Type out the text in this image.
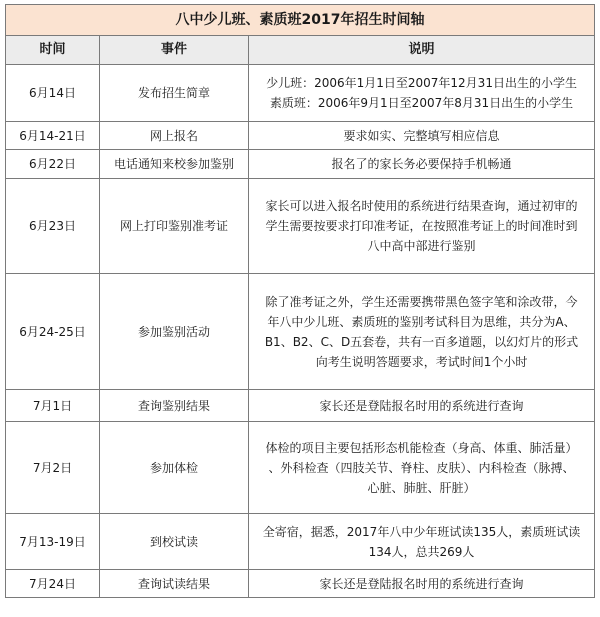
八中少儿班、素质班2017年招生时间轴		
时间	事件	说明
6月14日	发布招生简章	少儿班：2006年1月1日至2007年12月31日出生的小学生
素质班：2006年9月1日至2007年8月31日出生的小学生

6月14-21日	网上报名	要求如实、完整填写相应信息

6月22日	电话通知来校参加鉴别	报名了的家长务必要保持手机畅通

6月23日	网上打印鉴别准考证	家长可以进入报名时使用的系统进行结果查询，通过初审的
学生需要按要求打印准考证，在按照准考证上的时间准时到
八中高中部进行鉴别

6月24-25日	参加鉴别活动	除了准考证之外，学生还需要携带黑色签字笔和涂改带，今
年八中少儿班、素质班的鉴别考试科目为思维，共分为A、
B1、B2、C、D五套卷，共有一百多道题，以幻灯片的形式
向考生说明答题要求，考试时间1个小时

7月1日	查询鉴别结果	家长还是登陆报名时用的系统进行查询

7月2日	参加体检	体检的项目主要包括形态机能检查（身高、体重、肺活量）
、外科检查（四肢关节、脊柱、皮肤）、内科检查（脉搏、
心脏、肺脏、肝脏）

7月13-19日	到校试读	全寄宿，据悉，2017年八中少年班试读135人，素质班试读
134人，总共269人

7月24日	查询试读结果	家长还是登陆报名时用的系统进行查询
